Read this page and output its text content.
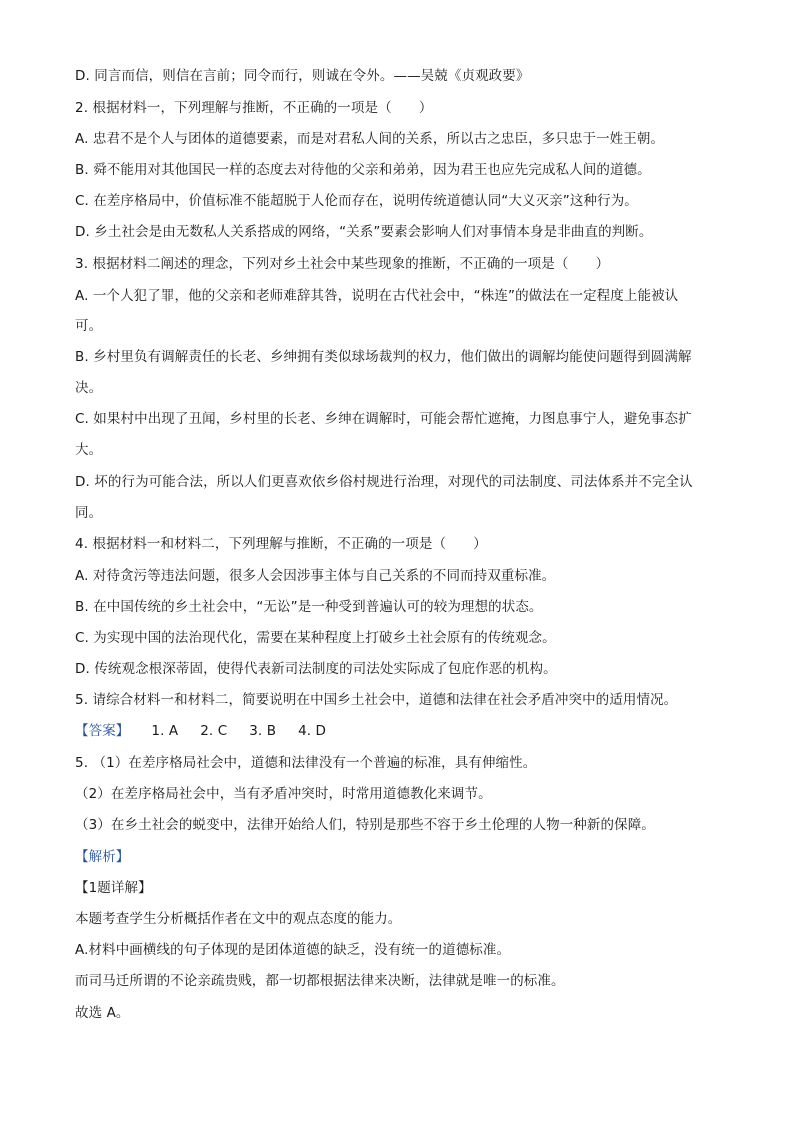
D. 同言而信，则信在言前；同令而行，则诚在令外。——吴兢《贞观政要》
2. 根据材料一，下列理解与推断，不正确的一项是（　　）
A. 忠君不是个人与团体的道德要素，而是对君私人间的关系，所以古之忠臣，多只忠于一姓王朝。
B. 舜不能用对其他国民一样的态度去对待他的父亲和弟弟，因为君王也应先完成私人间的道德。
C. 在差序格局中，价值标准不能超脱于人伦而存在，说明传统道德认同“大义灭亲”这种行为。
D. 乡土社会是由无数私人关系搭成的网络，“关系”要素会影响人们对事情本身是非曲直的判断。
3. 根据材料二阐述的理念，下列对乡土社会中某些现象的推断，不正确的一项是（　　）
A. 一个人犯了罪，他的父亲和老师难辞其咎，说明在古代社会中，“株连”的做法在一定程度上能被认
可。
B. 乡村里负有调解责任的长老、乡绅拥有类似球场裁判的权力，他们做出的调解均能使问题得到圆满解
决。
C. 如果村中出现了丑闻，乡村里的长老、乡绅在调解时，可能会帮忙遮掩，力图息事宁人，避免事态扩
大。
D. 坏的行为可能合法，所以人们更喜欢依乡俗村规进行治理，对现代的司法制度、司法体系并不完全认
同。
4. 根据材料一和材料二，下列理解与推断，不正确的一项是（　　）
A. 对待贪污等违法问题，很多人会因涉事主体与自己关系的不同而持双重标准。
B. 在中国传统的乡土社会中，“无讼”是一种受到普遍认可的较为理想的状态。
C. 为实现中国的法治现代化，需要在某种程度上打破乡土社会原有的传统观念。
D. 传统观念根深蒂固，使得代表新司法制度的司法处实际成了包庇作恶的机构。
5. 请综合材料一和材料二，简要说明在中国乡土社会中，道德和法律在社会矛盾冲突中的适用情况。
【答案】 1. A 2. C 3. B 4. D
5. （1）在差序格局社会中，道德和法律没有一个普遍的标准，具有伸缩性。
（2）在差序格局社会中，当有矛盾冲突时，时常用道德教化来调节。
（3）在乡土社会的蜕变中，法律开始给人们，特别是那些不容于乡土伦理的人物一种新的保障。
【解析】
【1题详解】
本题考查学生分析概括作者在文中的观点态度的能力。
A.材料中画横线的句子体现的是团体道德的缺乏，没有统一的道德标准。
而司马迁所谓的不论亲疏贵贱，都一切都根据法律来决断，法律就是唯一的标准。
故选 A。
